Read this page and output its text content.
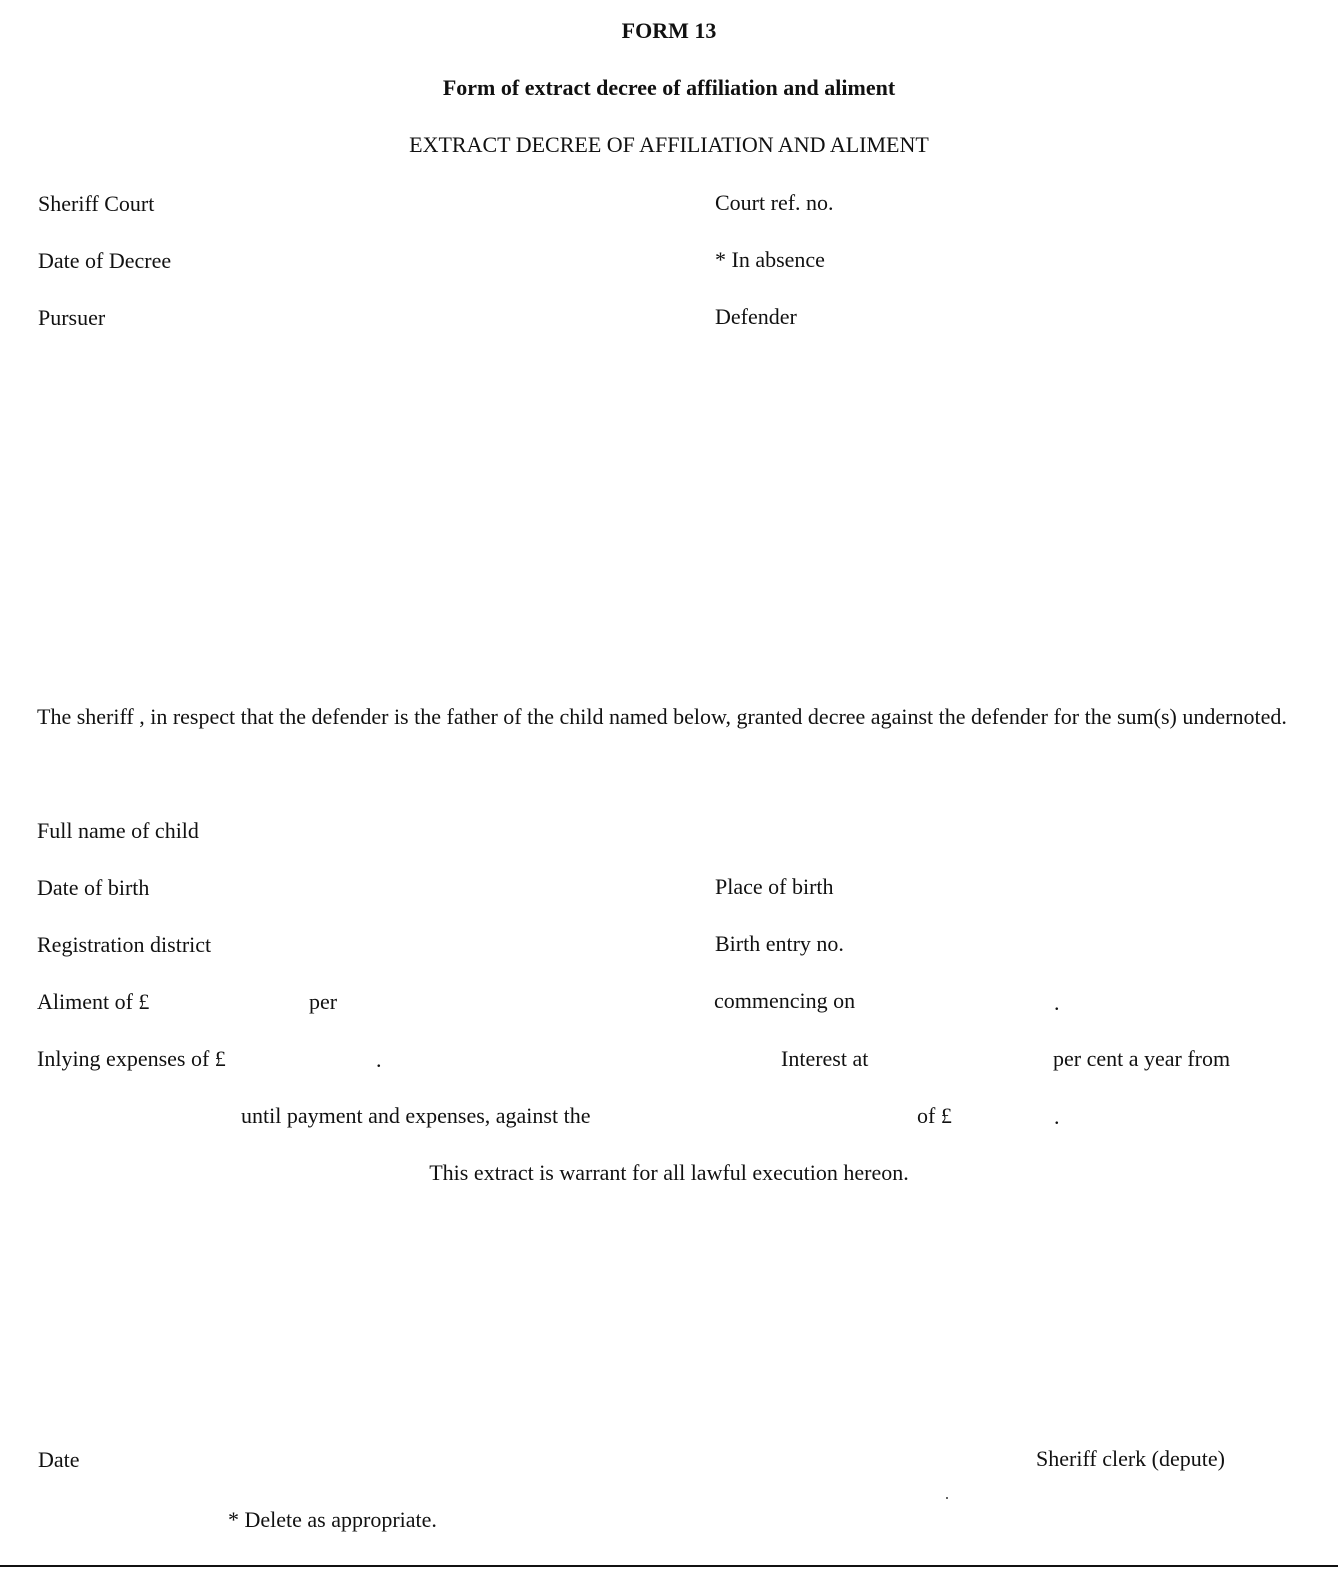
FORM 13
Form of extract decree of affiliation and aliment
EXTRACT DECREE OF AFFILIATION AND ALIMENT
Sheriff Court	Court ref. no.
Date of Decree	* In absence
Pursuer	Defender
The sheriff , in respect that the defender is the father of the child named below, granted decree against the defender for the sum(s) undernoted.
Full name of child
Date of birth	Place of birth
Registration district	Birth entry no.
Aliment of £	per	commencing on	.
Inlying expenses of £	.	Interest at	per cent a year from
until payment and expenses, against the	of £	.
This extract is warrant for all lawful execution hereon.
Date	Sheriff clerk (depute)
* Delete as appropriate.
